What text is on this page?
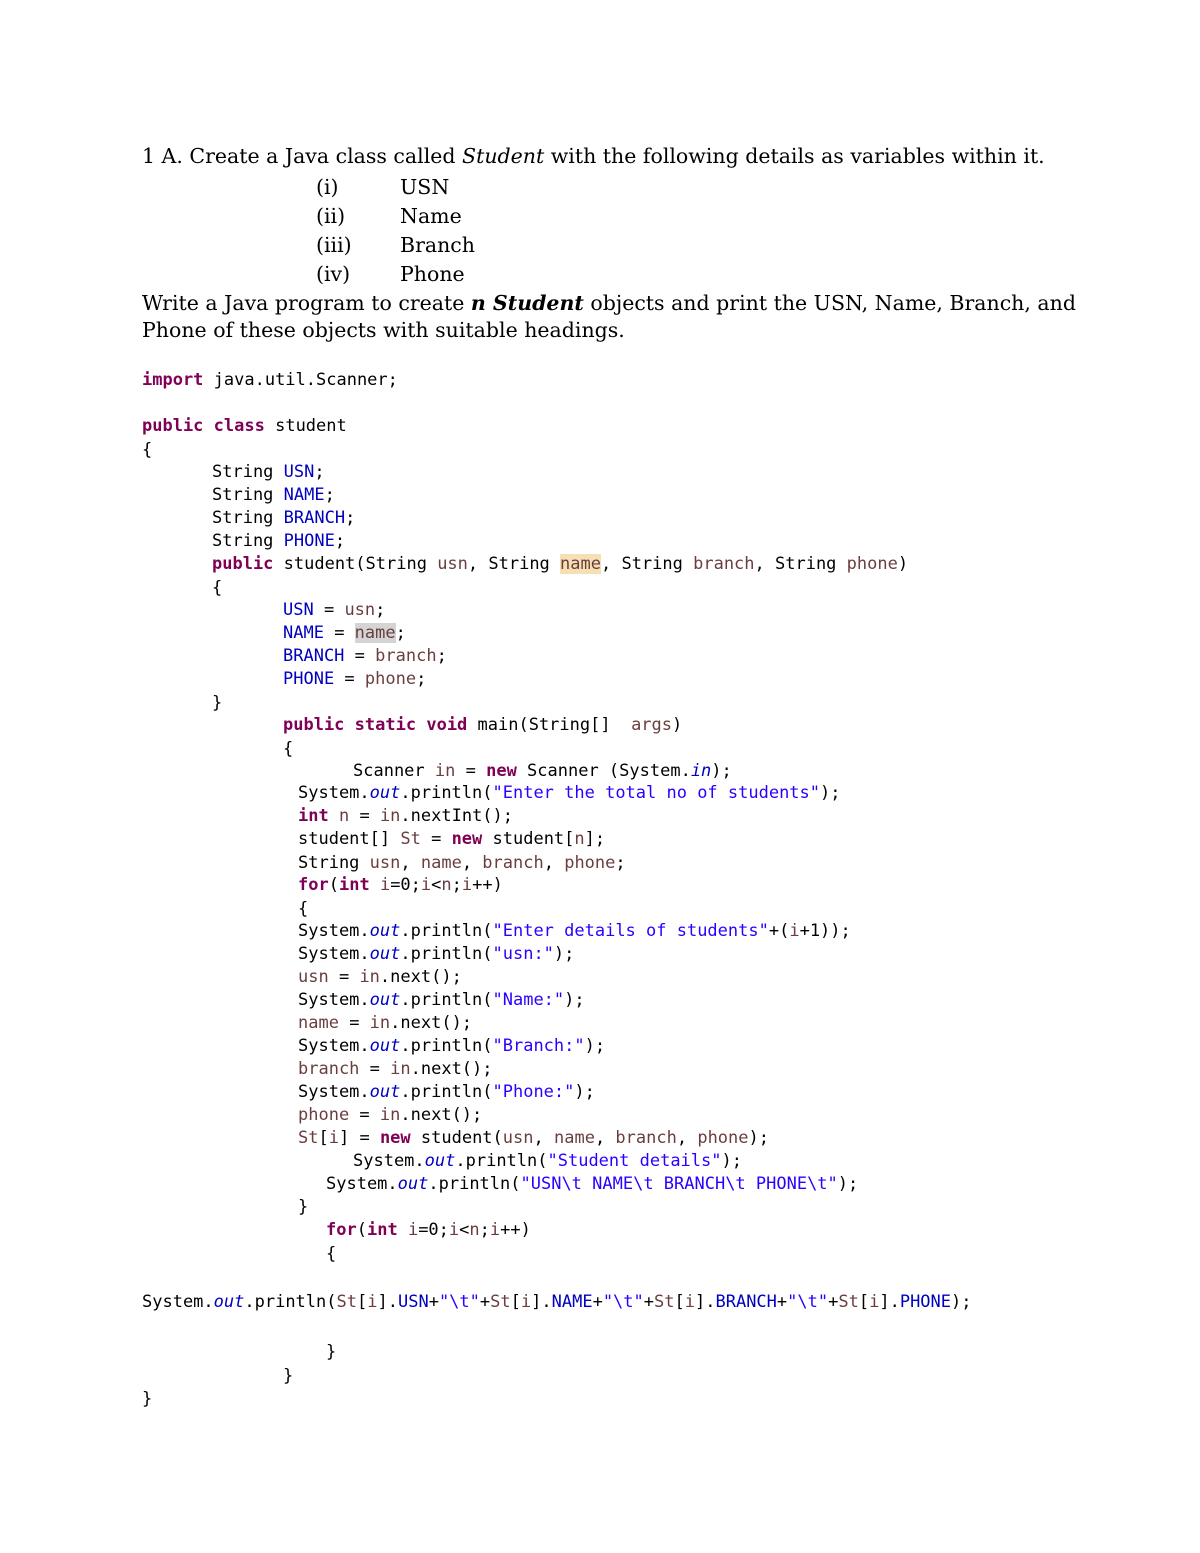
1 A. Create a Java class called Student with the following details as variables within it.
(i)	USN
(ii)	Name
(iii) Branch
(iv) Phone
Write a Java program to create n Student objects and print the USN, Name, Branch, and Phone of these objects with suitable headings.
import java.util.Scanner;
public class student
{
String USN;
String NAME;
String BRANCH;
String PHONE;
public student(String usn, String name, String branch, String phone)
{
USN = usn;
NAME = name;
BRANCH = branch;
PHONE = phone;
}
public static void main(String[]  args)
{
Scanner in = new Scanner (System.in);
System.out.println("Enter the total no of students");
int n = in.nextInt();
student[] St = new student[n];
String usn, name, branch, phone;
for(int i=0;i<n;i++)
{
System.out.println("Enter details of students"+(i+1));
System.out.println("usn:");
usn = in.next();
System.out.println("Name:");
name = in.next();
System.out.println("Branch:");
branch = in.next();
System.out.println("Phone:");
phone = in.next();
St[i] = new student(usn, name, branch, phone);
System.out.println("Student details");
System.out.println("USN\t NAME\t BRANCH\t PHONE\t");
}
for(int i=0;i<n;i++)
{
System.out.println(St[i].USN+"\t"+St[i].NAME+"\t"+St[i].BRANCH+"\t"+St[i].PHONE);
}
}
}
